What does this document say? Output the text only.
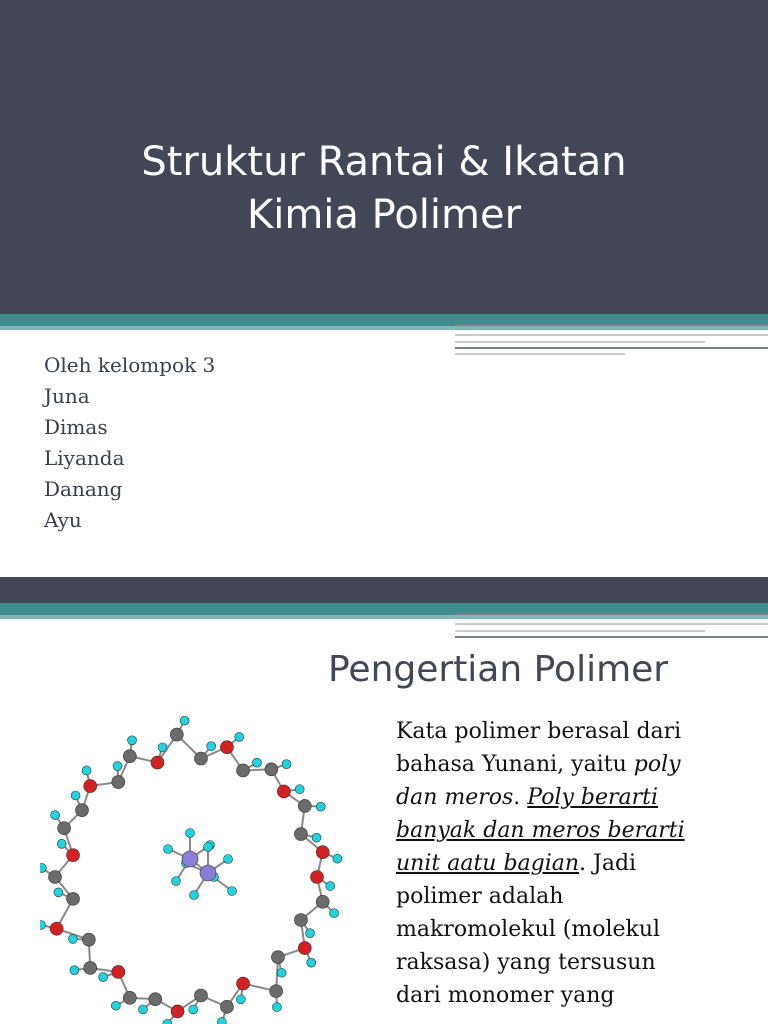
Struktur Rantai & Ikatan
Kimia Polimer
Oleh kelompok 3
Juna
Dimas
Liyanda
Danang
Ayu
Pengertian Polimer
Kata polimer berasal dari bahasa Yunani, yaitu poly dan meros. Poly berarti banyak dan meros berarti unit aatu bagian. Jadi polimer adalah makromolekul (molekul raksasa) yang tersusun dari monomer yang
